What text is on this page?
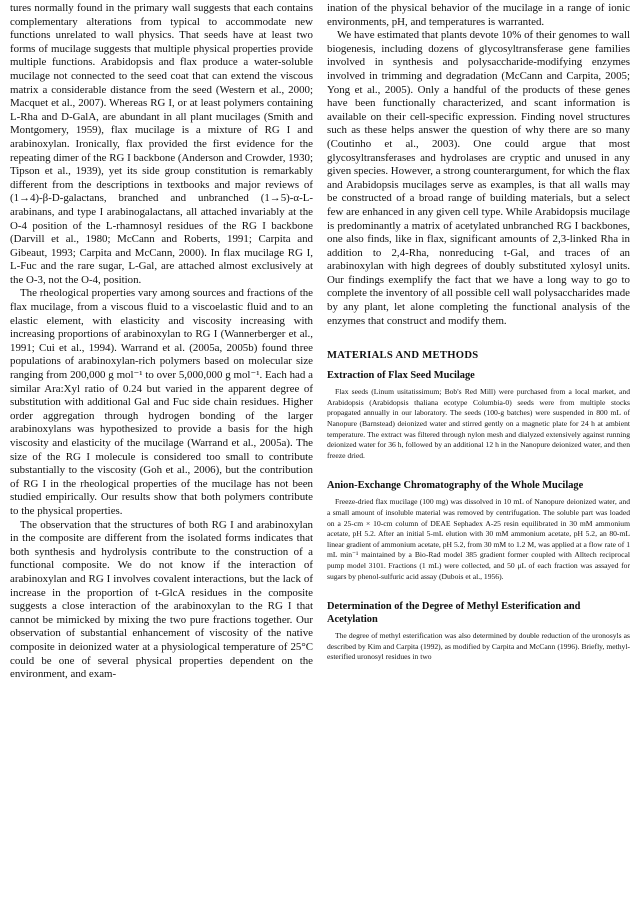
tures normally found in the primary wall suggests that each contains complementary alterations from typical to accommodate new functions unrelated to wall physics. That seeds have at least two forms of mucilage suggests that multiple physical properties provide multiple functions. Arabidopsis and flax produce a water-soluble mucilage not connected to the seed coat that can extend the viscous matrix a considerable distance from the seed (Western et al., 2000; Macquet et al., 2007). Whereas RG I, or at least polymers containing L-Rha and D-GalA, are abundant in all plant mucilages (Smith and Montgomery, 1959), flax mucilage is a mixture of RG I and arabinoxylan. Ironically, flax provided the first evidence for the repeating dimer of the RG I backbone (Anderson and Crowder, 1930; Tipson et al., 1939), yet its side group constitution is remarkably different from the descriptions in textbooks and major reviews of (1→4)-β-D-galactans, branched and unbranched (1→5)-α-L-arabinans, and type I arabinogalactans, all attached invariably at the O-4 position of the L-rhamnosyl residues of the RG I backbone (Darvill et al., 1980; McCann and Roberts, 1991; Carpita and Gibeaut, 1993; Carpita and McCann, 2000). In flax mucilage RG I, L-Fuc and the rare sugar, L-Gal, are attached almost exclusively at the O-3, not the O-4, position.

The rheological properties vary among sources and fractions of the flax mucilage, from a viscous fluid to a viscoelastic fluid and to an elastic element, with elasticity and viscosity increasing with increasing proportions of arabinoxylan to RG I (Wannerberger et al., 1991; Cui et al., 1994). Warrand et al. (2005a, 2005b) found three populations of arabinoxylan-rich polymers based on molecular size ranging from 200,000 g mol⁻¹ to over 5,000,000 g mol⁻¹. Each had a similar Ara:Xyl ratio of 0.24 but varied in the apparent degree of substitution with additional Gal and Fuc side chain residues. Higher order aggregation through hydrogen bonding of the larger arabinoxylans was hypothesized to provide a basis for the high viscosity and elasticity of the mucilage (Warrand et al., 2005a). The size of the RG I molecule is considered too small to contribute substantially to the viscosity (Goh et al., 2006), but the contribution of RG I in the rheological properties of the mucilage has not been studied empirically. Our results show that both polymers contribute to the physical properties.

The observation that the structures of both RG I and arabinoxylan in the composite are different from the isolated forms indicates that both synthesis and hydrolysis contribute to the construction of a functional composite. We do not know if the interaction of arabinoxylan and RG I involves covalent interactions, but the lack of increase in the proportion of t-GlcA residues in the composite suggests a close interaction of the arabinoxylan to the RG I that cannot be mimicked by mixing the two pure fractions together. Our observation of substantial enhancement of viscosity of the native composite in deionized water at a physiological temperature of 25°C could be one of several physical properties dependent on the environment, and exam-

ination of the physical behavior of the mucilage in a range of ionic environments, pH, and temperatures is warranted.

We have estimated that plants devote 10% of their genomes to wall biogenesis, including dozens of glycosyltransferase gene families involved in synthesis and polysaccharide-modifying enzymes involved in trimming and degradation (McCann and Carpita, 2005; Yong et al., 2005). Only a handful of the products of these genes have been functionally characterized, and scant information is available on their cell-specific expression. Finding novel structures such as these helps answer the question of why there are so many (Coutinho et al., 2003). One could argue that most glycosyltransferases and hydrolases are cryptic and unused in any given species. However, a strong counterargument, for which the flax and Arabidopsis mucilages serve as examples, is that all walls may be constructed of a broad range of building materials, but a select few are enhanced in any given cell type. While Arabidopsis mucilage is predominantly a matrix of acetylated unbranched RG I backbones, one also finds, like in flax, significant amounts of 2,3-linked Rha in addition to 2,4-Rha, nonreducing t-Gal, and traces of an arabinoxylan with high degrees of doubly substituted xylosyl units. Our findings exemplify the fact that we have a long way to go to complete the inventory of all possible cell wall polysaccharides made by any plant, let alone completing the functional analysis of the enzymes that construct and modify them.

MATERIALS AND METHODS
Extraction of Flax Seed Mucilage

Flax seeds (Linum usitatissimum; Bob's Red Mill) were purchased from a local market, and Arabidopsis (Arabidopsis thaliana ecotype Columbia-0) seeds were from multiple stocks propagated annually in our laboratory. The seeds (100-g batches) were suspended in 800 mL of Nanopure (Barnstead) deionized water and stirred gently on a magnetic plate for 24 h at ambient temperature. The extract was filtered through nylon mesh and dialyzed extensively against running deionized water for 36 h, followed by an additional 12 h in the Nanopure deionized water, and then freeze dried.

Anion-Exchange Chromatography of the Whole Mucilage

Freeze-dried flax mucilage (100 mg) was dissolved in 10 mL of Nanopure deionized water, and a small amount of insoluble material was removed by centrifugation. The soluble part was loaded on a 25-cm × 10-cm column of DEAE Sephadex A-25 resin equilibrated in 30 mM ammonium acetate, pH 5.2. After an initial 5-mL elution with 30 mM ammonium acetate, pH 5.2, an 80-mL linear gradient of ammonium acetate, pH 5.2, from 30 mM to 1.2 M, was applied at a flow rate of 1 mL min⁻¹ maintained by a Bio-Rad model 385 gradient former coupled with Alltech reciprocal pump model 3101. Fractions (1 mL) were collected, and 50 μL of each fraction was assayed for sugars by phenol-sulfuric acid assay (Dubois et al., 1956).

Determination of the Degree of Methyl Esterification and Acetylation

The degree of methyl esterification was also determined by double reduction of the uronosyls as described by Kim and Carpita (1992), as modified by Carpita and McCann (1996). Briefly, methyl-esterified uronosyl residues in two
